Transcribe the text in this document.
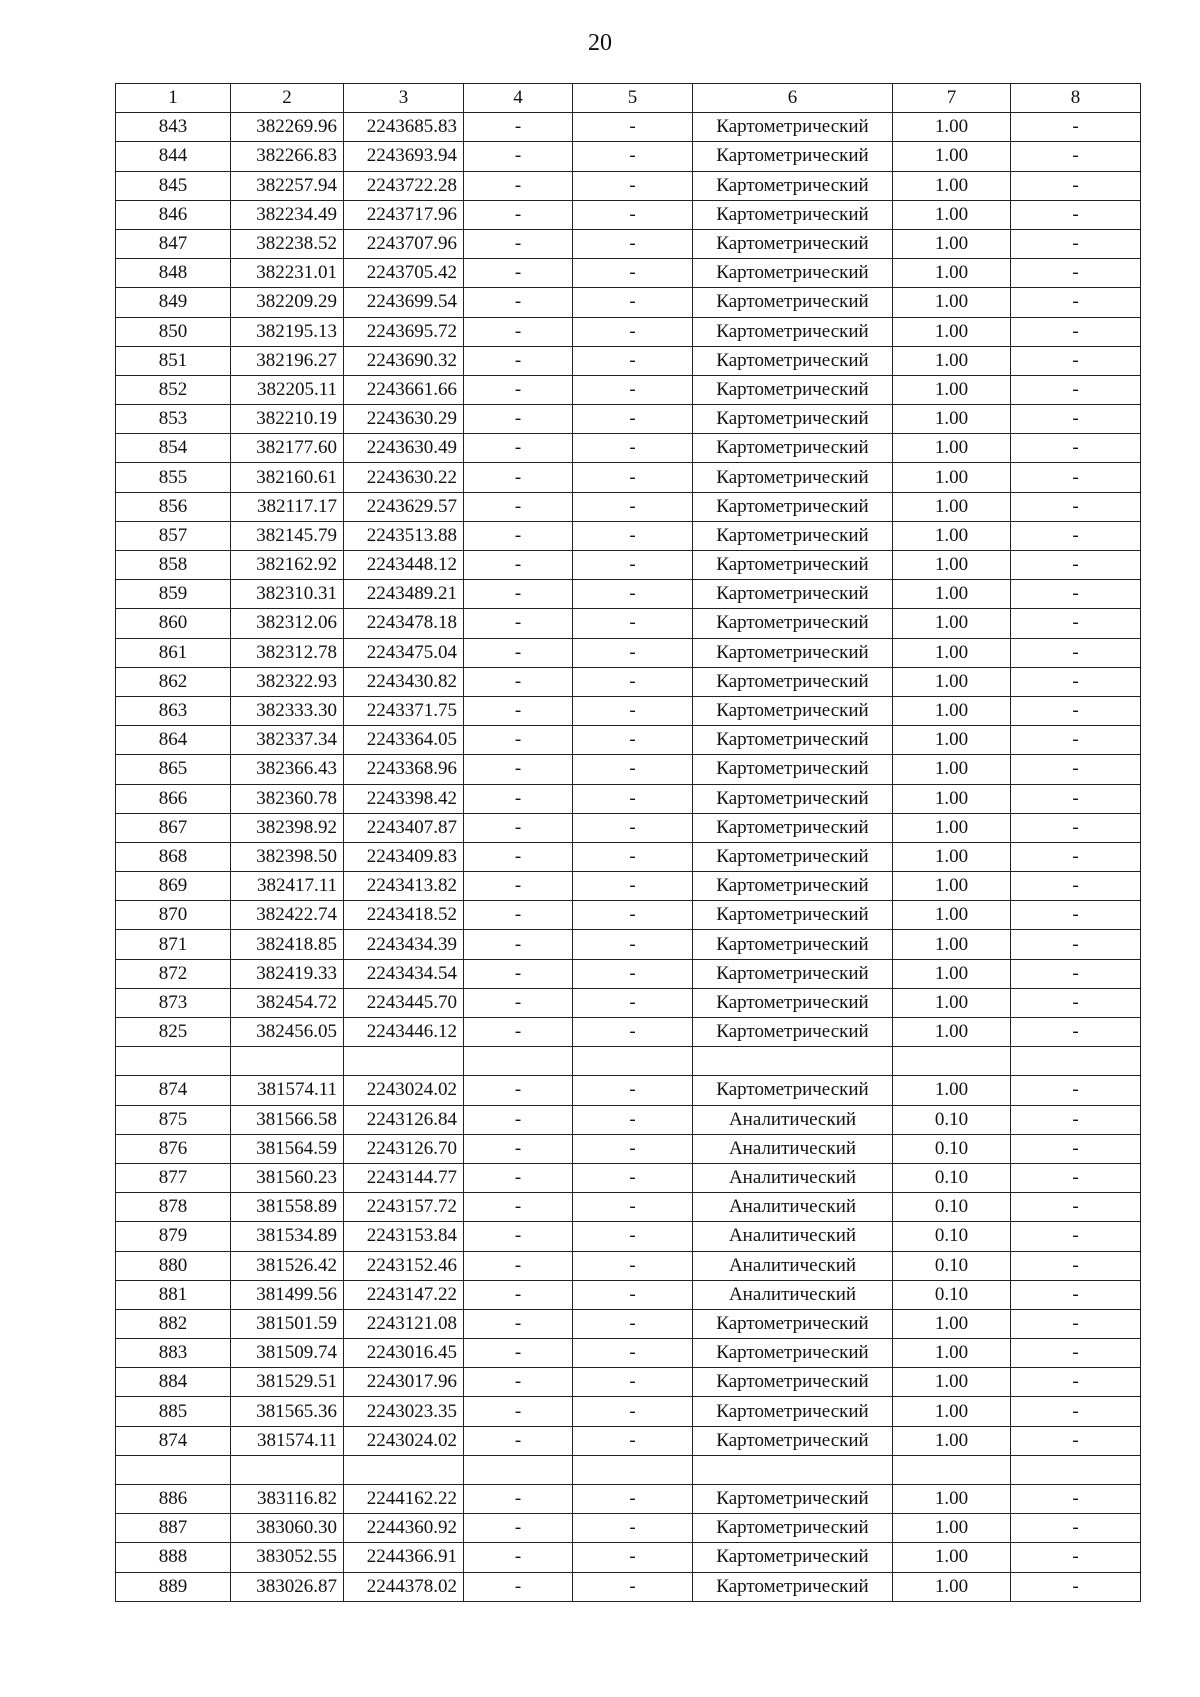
20
1	2	3	4	5	6	7	8
843	382269.96	2243685.83	-	-	Картометрический	1.00	-
844	382266.83	2243693.94	-	-	Картометрический	1.00	-
845	382257.94	2243722.28	-	-	Картометрический	1.00	-
846	382234.49	2243717.96	-	-	Картометрический	1.00	-
847	382238.52	2243707.96	-	-	Картометрический	1.00	-
848	382231.01	2243705.42	-	-	Картометрический	1.00	-
849	382209.29	2243699.54	-	-	Картометрический	1.00	-
850	382195.13	2243695.72	-	-	Картометрический	1.00	-
851	382196.27	2243690.32	-	-	Картометрический	1.00	-
852	382205.11	2243661.66	-	-	Картометрический	1.00	-
853	382210.19	2243630.29	-	-	Картометрический	1.00	-
854	382177.60	2243630.49	-	-	Картометрический	1.00	-
855	382160.61	2243630.22	-	-	Картометрический	1.00	-
856	382117.17	2243629.57	-	-	Картометрический	1.00	-
857	382145.79	2243513.88	-	-	Картометрический	1.00	-
858	382162.92	2243448.12	-	-	Картометрический	1.00	-
859	382310.31	2243489.21	-	-	Картометрический	1.00	-
860	382312.06	2243478.18	-	-	Картометрический	1.00	-
861	382312.78	2243475.04	-	-	Картометрический	1.00	-
862	382322.93	2243430.82	-	-	Картометрический	1.00	-
863	382333.30	2243371.75	-	-	Картометрический	1.00	-
864	382337.34	2243364.05	-	-	Картометрический	1.00	-
865	382366.43	2243368.96	-	-	Картометрический	1.00	-
866	382360.78	2243398.42	-	-	Картометрический	1.00	-
867	382398.92	2243407.87	-	-	Картометрический	1.00	-
868	382398.50	2243409.83	-	-	Картометрический	1.00	-
869	382417.11	2243413.82	-	-	Картометрический	1.00	-
870	382422.74	2243418.52	-	-	Картометрический	1.00	-
871	382418.85	2243434.39	-	-	Картометрический	1.00	-
872	382419.33	2243434.54	-	-	Картометрический	1.00	-
873	382454.72	2243445.70	-	-	Картометрический	1.00	-
825	382456.05	2243446.12	-	-	Картометрический	1.00	-

874	381574.11	2243024.02	-	-	Картометрический	1.00	-
875	381566.58	2243126.84	-	-	Аналитический	0.10	-
876	381564.59	2243126.70	-	-	Аналитический	0.10	-
877	381560.23	2243144.77	-	-	Аналитический	0.10	-
878	381558.89	2243157.72	-	-	Аналитический	0.10	-
879	381534.89	2243153.84	-	-	Аналитический	0.10	-
880	381526.42	2243152.46	-	-	Аналитический	0.10	-
881	381499.56	2243147.22	-	-	Аналитический	0.10	-
882	381501.59	2243121.08	-	-	Картометрический	1.00	-
883	381509.74	2243016.45	-	-	Картометрический	1.00	-
884	381529.51	2243017.96	-	-	Картометрический	1.00	-
885	381565.36	2243023.35	-	-	Картометрический	1.00	-
874	381574.11	2243024.02	-	-	Картометрический	1.00	-

886	383116.82	2244162.22	-	-	Картометрический	1.00	-
887	383060.30	2244360.92	-	-	Картометрический	1.00	-
888	383052.55	2244366.91	-	-	Картометрический	1.00	-
889	383026.87	2244378.02	-	-	Картометрический	1.00	-
